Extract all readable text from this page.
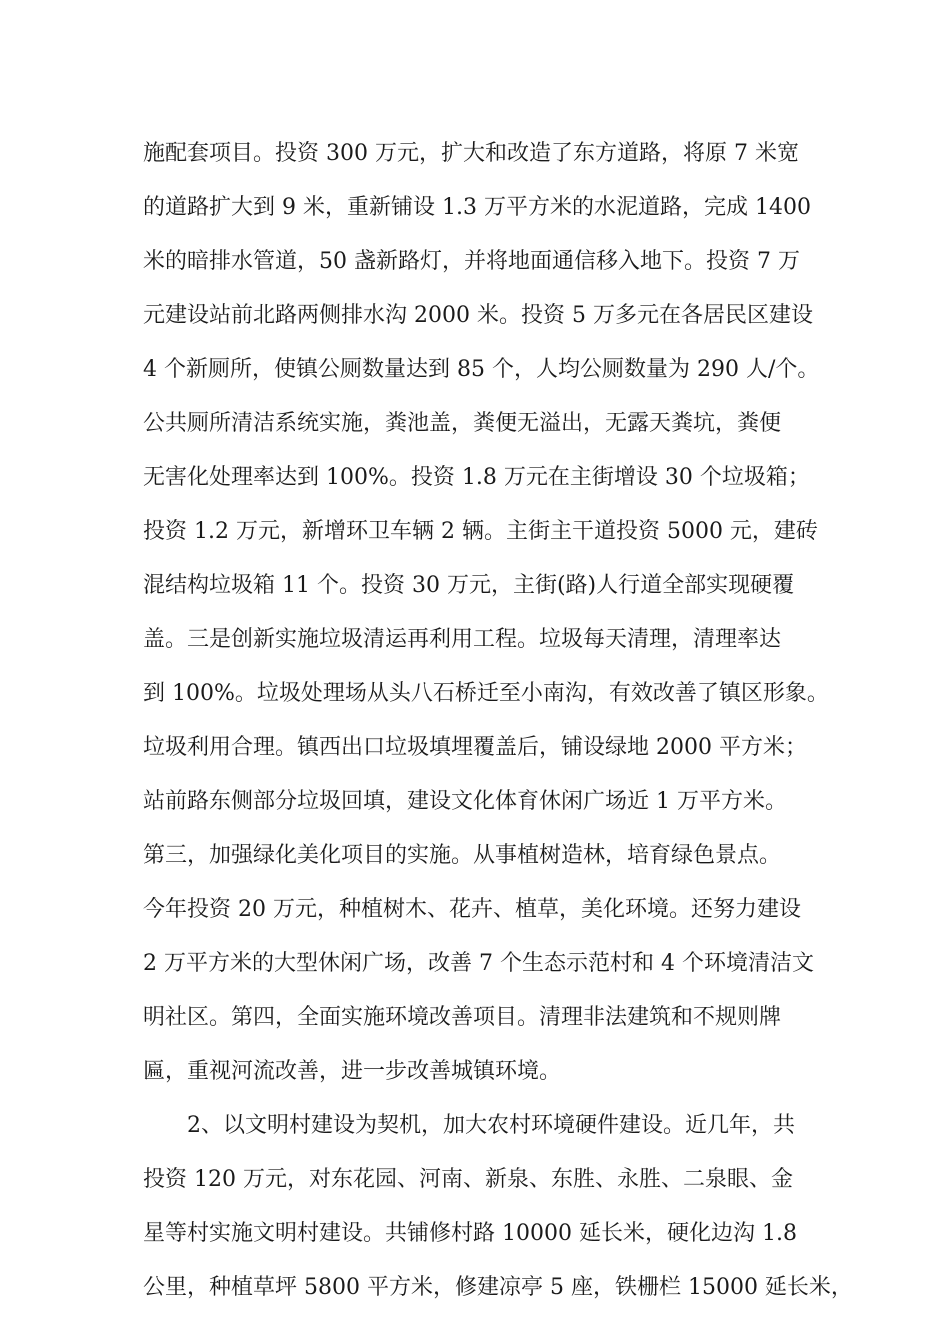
施配套项目。投资 300 万元，扩大和改造了东方道路，将原 7 米宽
的道路扩大到 9 米，重新铺设 1.3 万平方米的水泥道路，完成 1400
米的暗排水管道，50 盏新路灯，并将地面通信移入地下。投资 7 万
元建设站前北路两侧排水沟 2000 米。投资 5 万多元在各居民区建设
4 个新厕所，使镇公厕数量达到 85 个，人均公厕数量为 290 人/个。
公共厕所清洁系统实施，粪池盖，粪便无溢出，无露天粪坑，粪便
无害化处理率达到 100%。投资 1.8 万元在主街增设 30 个垃圾箱；
投资 1.2 万元，新增环卫车辆 2 辆。主街主干道投资 5000 元，建砖
混结构垃圾箱 11 个。投资 30 万元，主街(路)人行道全部实现硬覆
盖。三是创新实施垃圾清运再利用工程。垃圾每天清理，清理率达
到 100%。垃圾处理场从头八石桥迁至小南沟，有效改善了镇区形象。
垃圾利用合理。镇西出口垃圾填埋覆盖后，铺设绿地 2000 平方米；
站前路东侧部分垃圾回填，建设文化体育休闲广场近 1 万平方米。
第三，加强绿化美化项目的实施。从事植树造林，培育绿色景点。
今年投资 20 万元，种植树木、花卉、植草，美化环境。还努力建设
2 万平方米的大型休闲广场，改善 7 个生态示范村和 4 个环境清洁文
明社区。第四，全面实施环境改善项目。清理非法建筑和不规则牌
匾，重视河流改善，进一步改善城镇环境。
2、以文明村建设为契机，加大农村环境硬件建设。近几年，共
投资 120 万元，对东花园、河南、新泉、东胜、永胜、二泉眼、金
星等村实施文明村建设。共铺修村路 10000 延长米，硬化边沟 1.8
公里，种植草坪 5800 平方米，修建凉亭 5 座，铁栅栏 15000 延长米，
